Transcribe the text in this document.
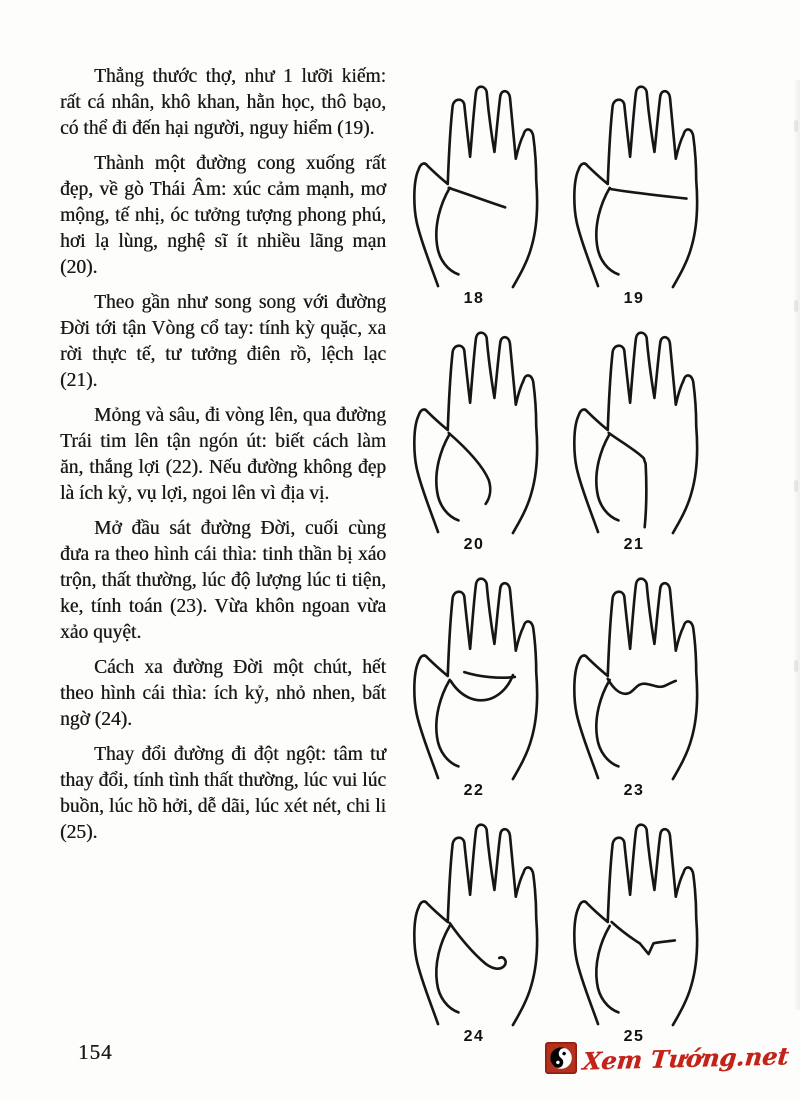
Thẳng thước thợ, như 1 lưỡi kiếm: rất cá nhân, khô khan, hằn học, thô bạo, có thể đi đến hại người, nguy hiểm (19).

Thành một đường cong xuống rất đẹp, về gò Thái Âm: xúc cảm mạnh, mơ mộng, tế nhị, óc tưởng tượng phong phú, hơi lạ lùng, nghệ sĩ ít nhiều lãng mạn (20).

Theo gần như song song với đường Đời tới tận Vòng cổ tay: tính kỳ quặc, xa rời thực tế, tư tưởng điên rồ, lệch lạc (21).

Mỏng và sâu, đi vòng lên, qua đường Trái tim lên tận ngón út: biết cách làm ăn, thắng lợi (22). Nếu đường không đẹp là ích kỷ, vụ lợi, ngoi lên vì địa vị.

Mở đầu sát đường Đời, cuối cùng đưa ra theo hình cái thìa: tinh thần bị xáo trộn, thất thường, lúc độ lượng lúc ti tiện, ke, tính toán (23). Vừa khôn ngoan vừa xảo quyệt.

Cách xa đường Đời một chút, hết theo hình cái thìa: ích kỷ, nhỏ nhen, bất ngờ (24).

Thay đổi đường đi đột ngột: tâm tư thay đổi, tính tình thất thường, lúc vui lúc buồn, lúc hồ hởi, dễ dãi, lúc xét nét, chi li (25).

18	19
20	21
22	23
24	25
154	Xem Tướng.net
